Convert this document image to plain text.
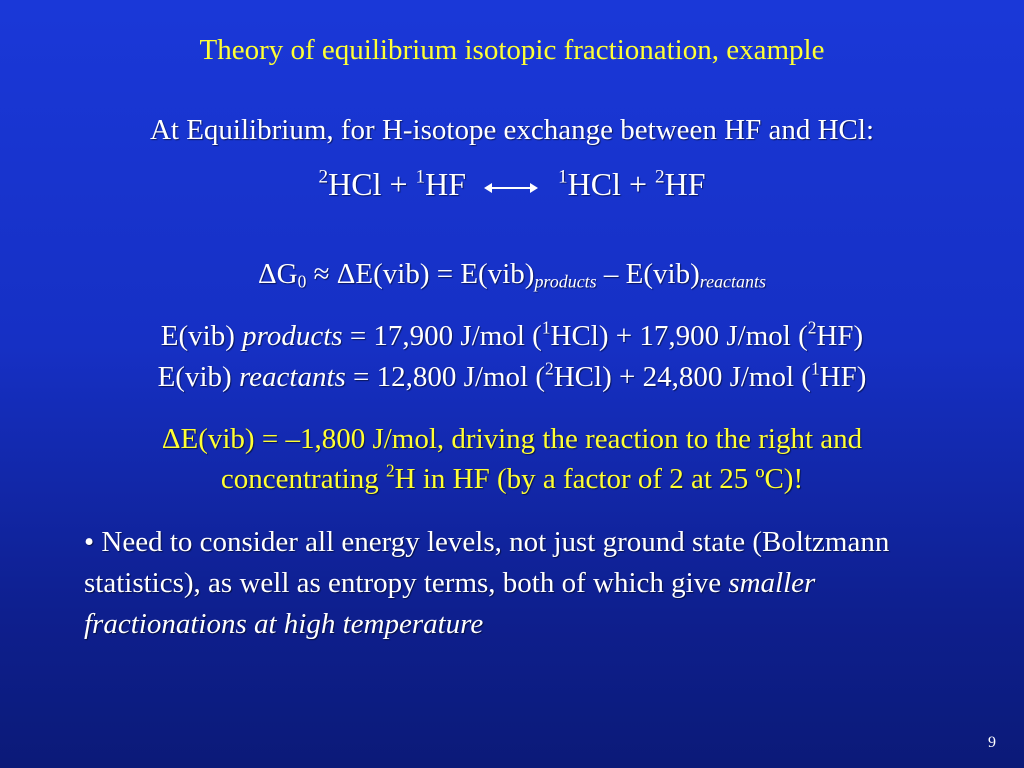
Theory of equilibrium isotopic fractionation, example
At Equilibrium, for H-isotope exchange between HF and HCl:
$^2$HCl + $^1$HF	$^1$HCl + $^2$HF
$\Delta G_0 \approx \Delta E(vib)$ = E(vib)products – E(vib)reactants
E(vib) products = 17,900 J/mol ($^1$HCl) + 17,900 J/mol ($^2$HF)
E(vib) reactants = 12,800 J/mol ($^2$HCl) + 24,800 J/mol ($^1$HF)
ΔE(vib) = –1,800 J/mol, driving the reaction to the right and
concentrating $^2$H in HF (by a factor of 2 at 25 ºC)!
• Need to consider all energy levels, not just ground state (Boltzmann statistics), as well as entropy terms, both of which give smaller fractionations at high temperature
9
